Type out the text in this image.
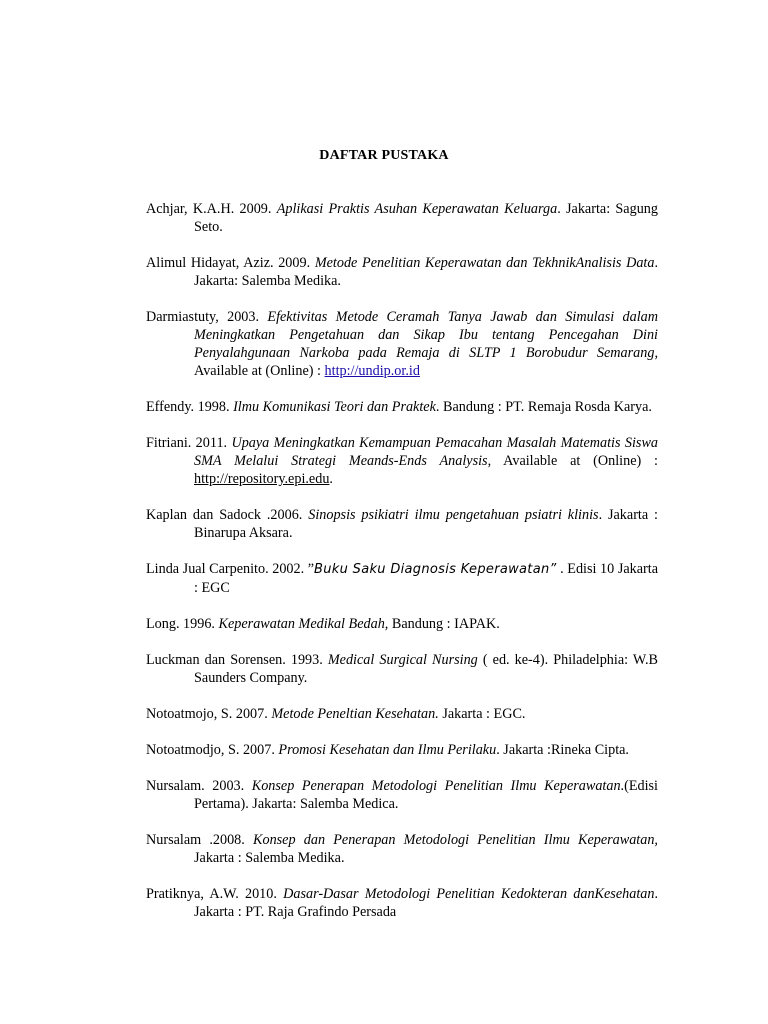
DAFTAR PUSTAKA

Achjar, K.A.H. 2009. Aplikasi Praktis Asuhan Keperawatan Keluarga. Jakarta: Sagung Seto.

Alimul Hidayat, Aziz. 2009. Metode Penelitian Keperawatan dan TekhnikAnalisis Data. Jakarta: Salemba Medika.

Darmiastuty, 2003. Efektivitas Metode Ceramah Tanya Jawab dan Simulasi dalam Meningkatkan Pengetahuan dan Sikap Ibu tentang Pencegahan Dini Penyalahgunaan Narkoba pada Remaja di SLTP 1 Borobudur Semarang, Available at (Online) : http://undip.or.id

Effendy. 1998. Ilmu Komunikasi Teori dan Praktek. Bandung : PT. Remaja Rosda Karya.

Fitriani. 2011. Upaya Meningkatkan Kemampuan Pemacahan Masalah Matematis Siswa SMA Melalui Strategi Meands-Ends Analysis, Available at (Online) : http://repository.epi.edu.

Kaplan dan Sadock .2006. Sinopsis psikiatri ilmu pengetahuan psiatri klinis. Jakarta : Binarupa Aksara.

Linda Jual Carpenito. 2002. ”Buku Saku Diagnosis Keperawatan” . Edisi 10 Jakarta : EGC

Long. 1996. Keperawatan Medikal Bedah, Bandung : IAPAK.

Luckman dan Sorensen. 1993. Medical Surgical Nursing ( ed. ke-4). Philadelphia: W.B Saunders Company.

Notoatmojo, S. 2007. Metode Peneltian Kesehatan. Jakarta : EGC.

Notoatmodjo, S. 2007. Promosi Kesehatan dan Ilmu Perilaku. Jakarta :Rineka Cipta.

Nursalam. 2003. Konsep Penerapan Metodologi Penelitian Ilmu Keperawatan.(Edisi Pertama). Jakarta: Salemba Medica.

Nursalam .2008. Konsep dan Penerapan Metodologi Penelitian Ilmu Keperawatan, Jakarta : Salemba Medika.

Pratiknya, A.W. 2010. Dasar-Dasar Metodologi Penelitian Kedokteran danKesehatan. Jakarta : PT. Raja Grafindo Persada
